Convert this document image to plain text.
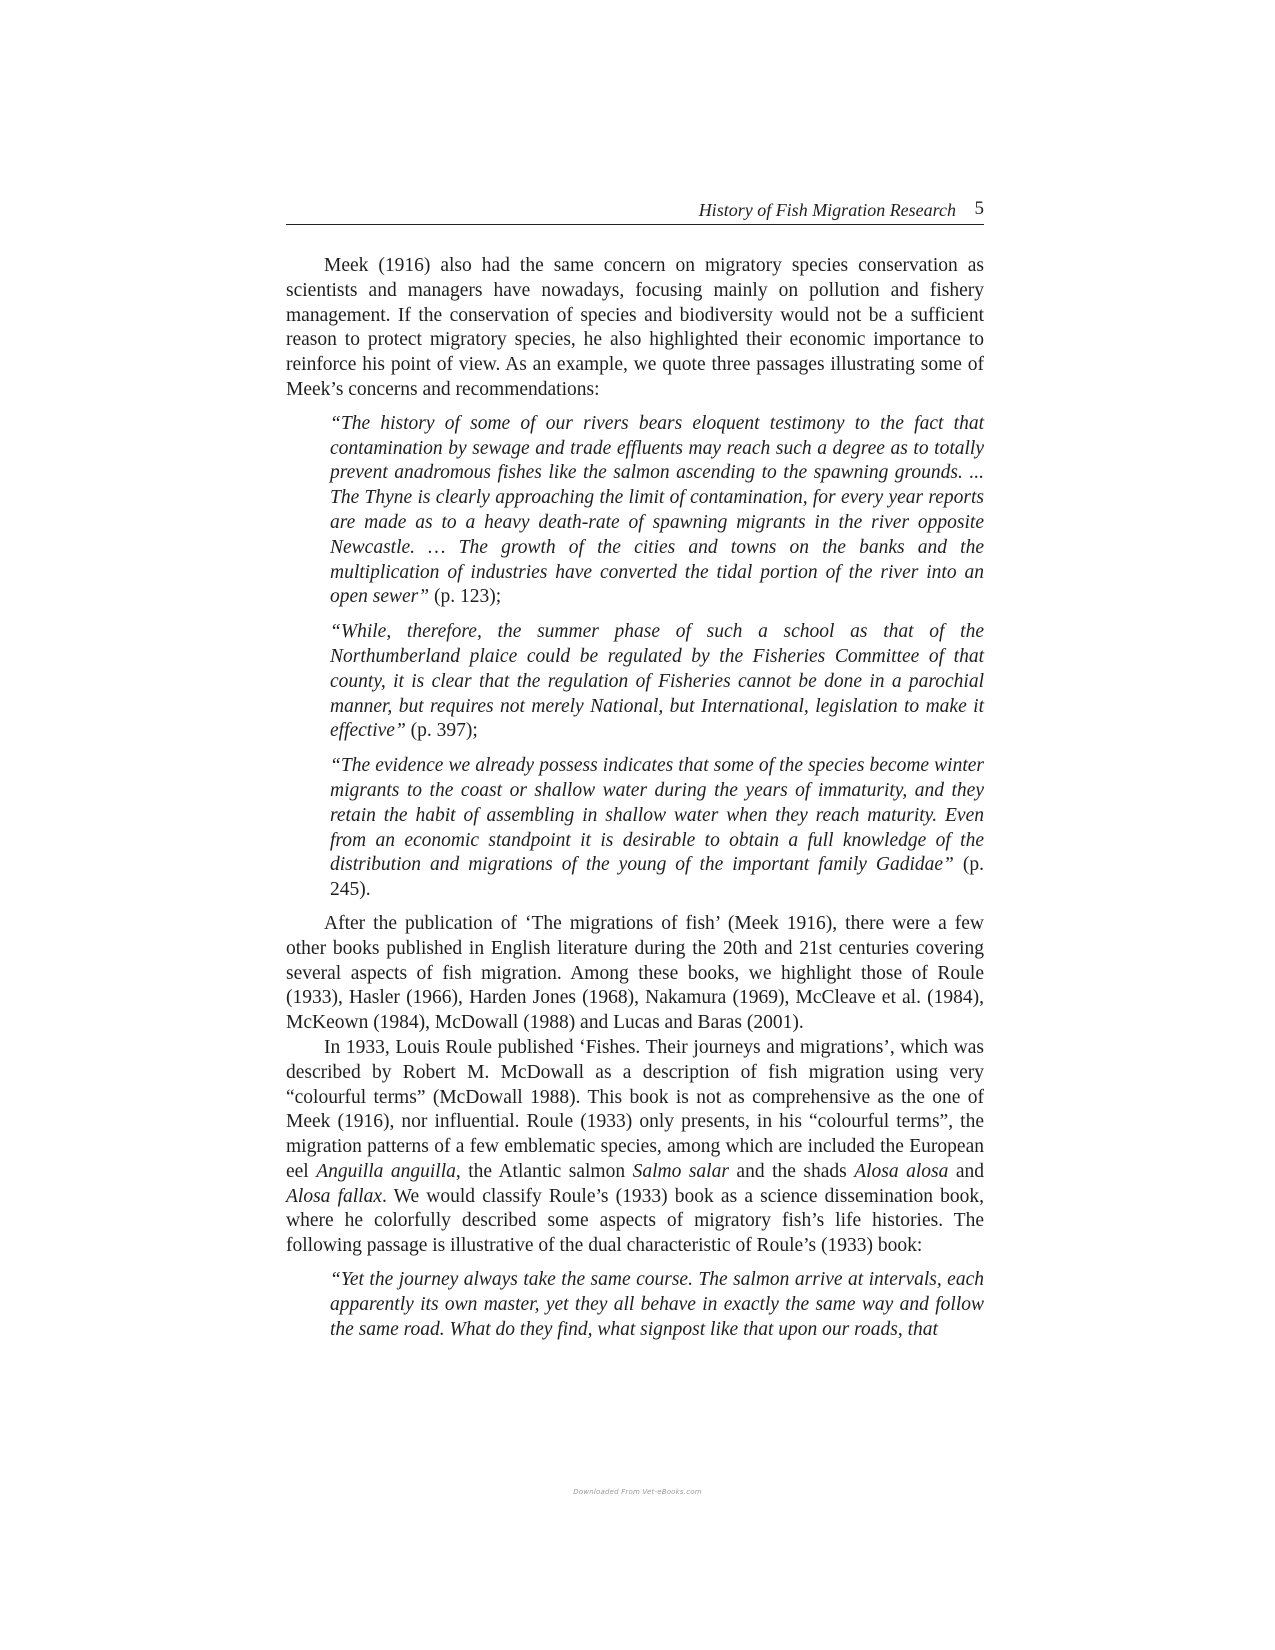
History of Fish Migration Research 5

Meek (1916) also had the same concern on migratory species conservation as scientists and managers have nowadays, focusing mainly on pollution and fishery management. If the conservation of species and biodiversity would not be a sufficient reason to protect migratory species, he also highlighted their economic importance to reinforce his point of view. As an example, we quote three passages illustrating some of Meek’s concerns and recommendations:

“The history of some of our rivers bears eloquent testimony to the fact that contamination by sewage and trade effluents may reach such a degree as to totally prevent anadromous fishes like the salmon ascending to the spawning grounds. ... The Thyne is clearly approaching the limit of contamination, for every year reports are made as to a heavy death-rate of spawning migrants in the river opposite Newcastle. … The growth of the cities and towns on the banks and the multiplication of industries have converted the tidal portion of the river into an open sewer” (p. 123);
“While, therefore, the summer phase of such a school as that of the Northumberland plaice could be regulated by the Fisheries Committee of that county, it is clear that the regulation of Fisheries cannot be done in a parochial manner, but requires not merely National, but International, legislation to make it effective” (p. 397);
“The evidence we already possess indicates that some of the species become winter migrants to the coast or shallow water during the years of immaturity, and they retain the habit of assembling in shallow water when they reach maturity. Even from an economic standpoint it is desirable to obtain a full knowledge of the distribution and migrations of the young of the important family Gadidae” (p. 245).

After the publication of ‘The migrations of fish’ (Meek 1916), there were a few other books published in English literature during the 20th and 21st centuries covering several aspects of fish migration. Among these books, we highlight those of Roule (1933), Hasler (1966), Harden Jones (1968), Nakamura (1969), McCleave et al. (1984), McKeown (1984), McDowall (1988) and Lucas and Baras (2001).

In 1933, Louis Roule published ‘Fishes. Their journeys and migrations’, which was described by Robert M. McDowall as a description of fish migration using very “colourful terms” (McDowall 1988). This book is not as comprehensive as the one of Meek (1916), nor influential. Roule (1933) only presents, in his “colourful terms”, the migration patterns of a few emblematic species, among which are included the European eel Anguilla anguilla, the Atlantic salmon Salmo salar and the shads Alosa alosa and Alosa fallax. We would classify Roule’s (1933) book as a science dissemination book, where he colorfully described some aspects of migratory fish’s life histories. The following passage is illustrative of the dual characteristic of Roule’s (1933) book:

“Yet the journey always take the same course. The salmon arrive at intervals, each apparently its own master, yet they all behave in exactly the same way and follow the same road. What do they find, what signpost like that upon our roads, that
Downloaded From Vet-eBooks.com
